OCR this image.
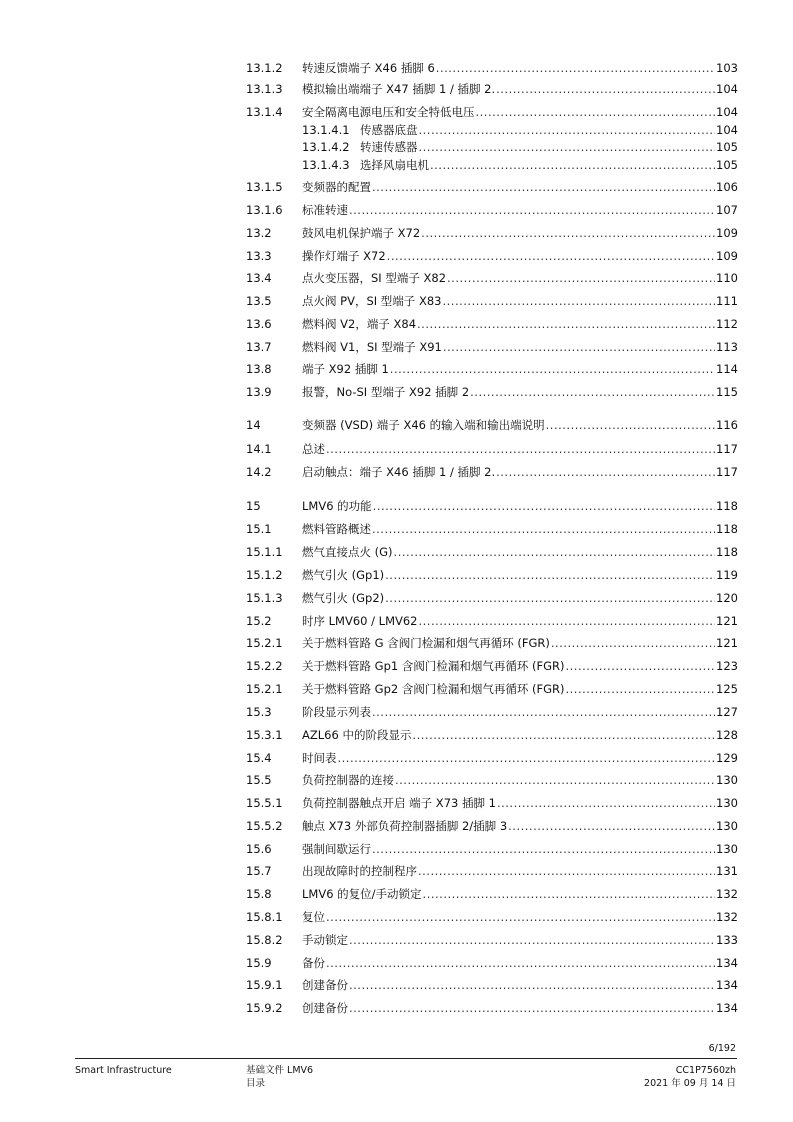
13.1.2	转速反馈端子 X46 插脚 6 .....	103
13.1.3	模拟输出端端子 X47 插脚 1 / 插脚 2. .....	104
13.1.4	安全隔离电源电压和安全特低电压 .....	104
13.1.4.1 传感器底盘 .....	104
13.1.4.2 转速传感器 .....	105
13.1.4.3 选择风扇电机 .....	105
13.1.5	变频器的配置 .....	106
13.1.6	标准转速 .....	107
13.2	鼓风电机保护端子 X72 .....	109
13.3	操作灯端子 X72 .....	109
13.4	点火变压器，SI 型端子 X82 .....	110
13.5	点火阀 PV，SI 型端子 X83 .....	111
13.6	燃料阀 V2，端子 X84 .....	112
13.7	燃料阀 V1，SI 型端子 X91 .....	113
13.8	端子 X92 插脚 1 .....	114
13.9	报警，No-SI 型端子 X92 插脚 2 .....	115
14	变频器 (VSD) 端子 X46 的输入端和输出端说明 .....	116
14.1	总述 .....	117
14.2	启动触点：端子 X46 插脚 1 / 插脚 2. .....	117
15	LMV6 的功能 .....	118
15.1	燃料管路概述 .....	118
15.1.1	燃气直接点火 (G) .....	118
15.1.2	燃气引火 (Gp1) .....	119
15.1.3	燃气引火 (Gp2) .....	120
15.2	时序 LMV60 / LMV62 .....	121
15.2.1	关于燃料管路 G 含阀门检漏和烟气再循环 (FGR) .....	121
15.2.2	关于燃料管路 Gp1 含阀门检漏和烟气再循环 (FGR) .....	123
15.2.1	关于燃料管路 Gp2 含阀门检漏和烟气再循环 (FGR) .....	125
15.3	阶段显示列表 .....	127
15.3.1	AZL66 中的阶段显示 .....	128
15.4	时间表 .....	129
15.5	负荷控制器的连接 .....	130
15.5.1	负荷控制器触点开启 端子 X73 插脚 1 .....	130
15.5.2	触点 X73 外部负荷控制器插脚 2/插脚 3 .....	130
15.6	强制间歇运行 .....	130
15.7	出现故障时的控制程序 .....	131
15.8	LMV6 的复位/手动锁定 .....	132
15.8.1	复位 .....	132
15.8.2	手动锁定 .....	133
15.9	备份 .....	134
15.9.1	创建备份 .....	134
15.9.2	创建备份 .....	134
6/192
Smart Infrastructure	基础文件 LMV6
目录
CC1P7560zh
2021 年 09 月 14 日
